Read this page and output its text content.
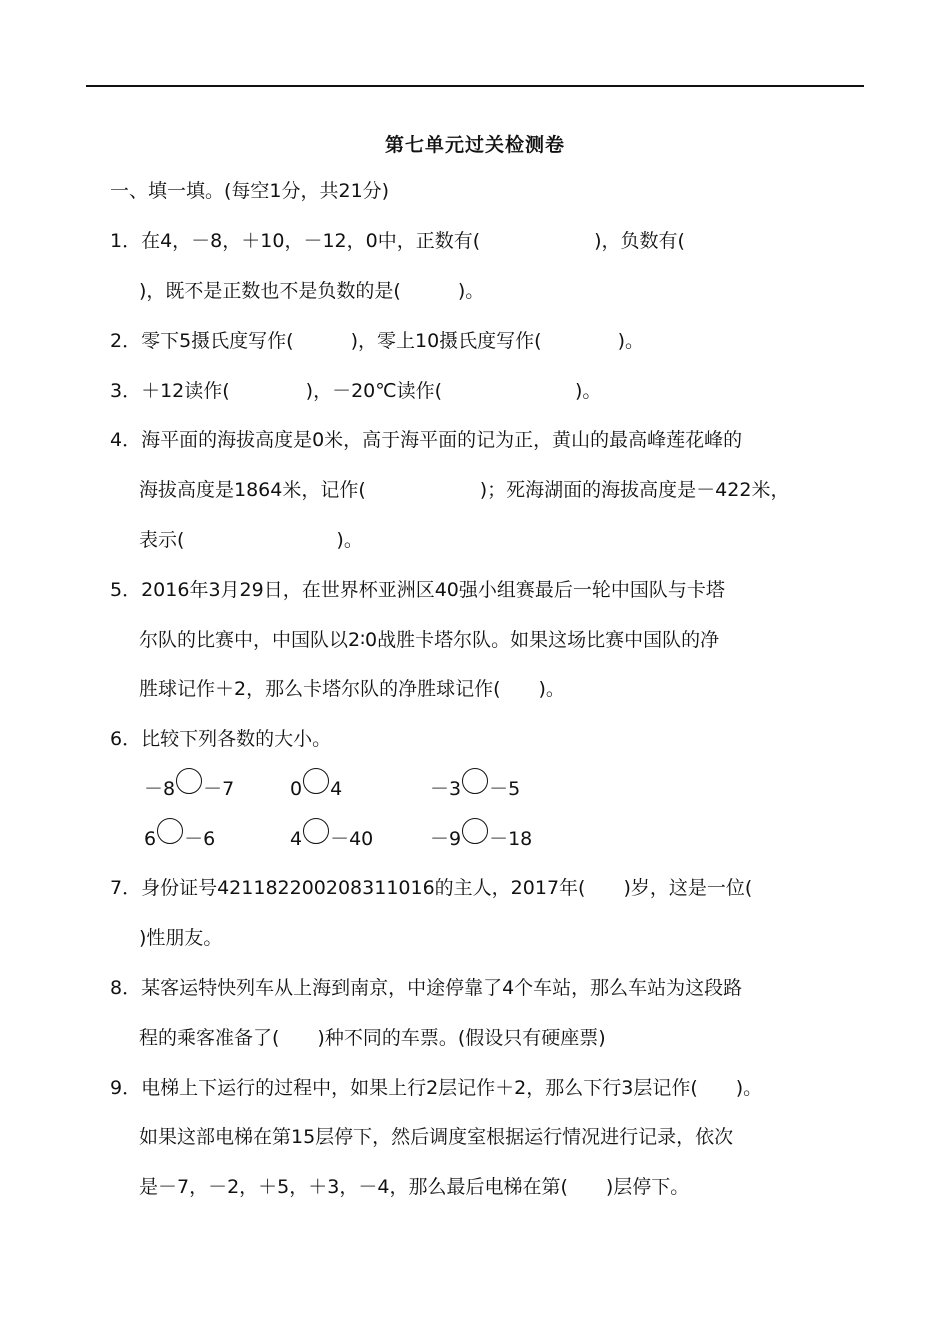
第七单元过关检测卷
一、填一填。(每空1分，共21分)
1．在4，－8，＋10，－12，0中，正数有(　　　　　　)，负数有(
)，既不是正数也不是负数的是(　　　)。
2．零下5摄氏度写作(　　　)，零上10摄氏度写作(　　　　)。
3．＋12读作(　　　　)，－20℃读作(　　　　　　　)。
4．海平面的海拔高度是0米，高于海平面的记为正，黄山的最高峰莲花峰的
海拔高度是1864米，记作(　　　　　　)；死海湖面的海拔高度是－422米，
表示(　　　　　　　　)。
5．2016年3月29日，在世界杯亚洲区40强小组赛最后一轮中国队与卡塔
尔队的比赛中，中国队以2∶0战胜卡塔尔队。如果这场比赛中国队的净
胜球记作＋2，那么卡塔尔队的净胜球记作(　　)。
6．比较下列各数的大小。
－8 －7	0 4	－3 －5
6 －6	4 －40	－9 －18
7．身份证号421182200208311016的主人，2017年(　　)岁，这是一位(
)性朋友。
8．某客运特快列车从上海到南京，中途停靠了4个车站，那么车站为这段路
程的乘客准备了(　　)种不同的车票。(假设只有硬座票)
9．电梯上下运行的过程中，如果上行2层记作＋2，那么下行3层记作(　　)。
如果这部电梯在第15层停下，然后调度室根据运行情况进行记录，依次
是－7，－2，＋5，＋3，－4，那么最后电梯在第(　　)层停下。
